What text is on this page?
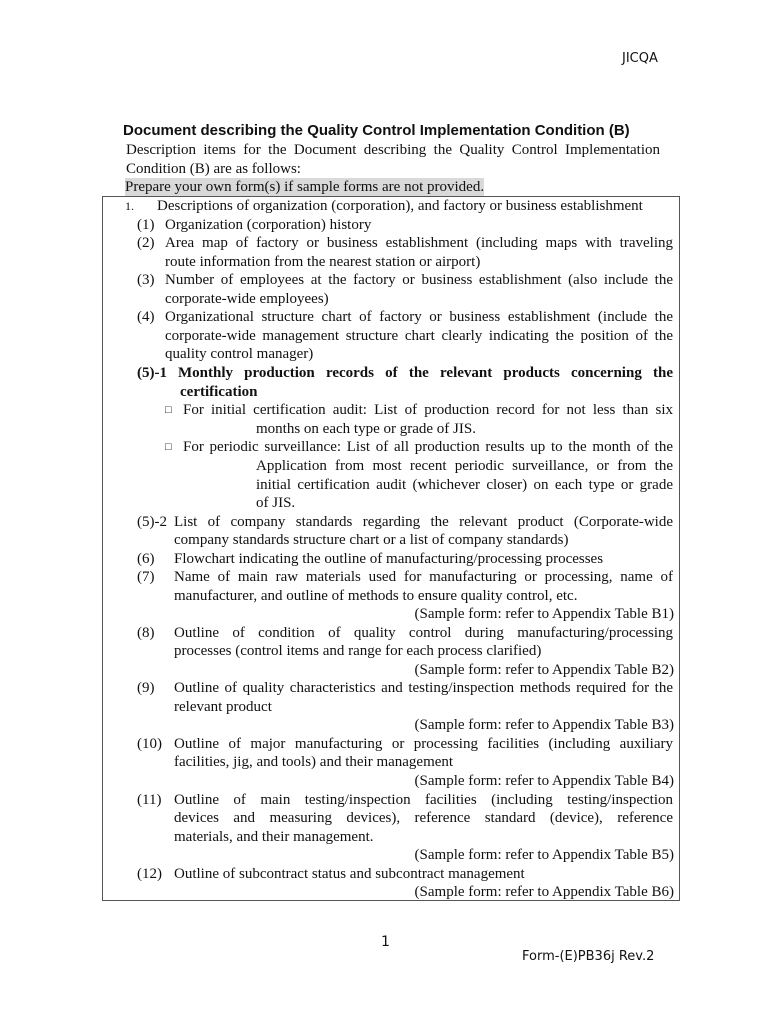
JICQA
Document describing the Quality Control Implementation Condition (B)
Description items for the Document describing the Quality Control Implementation Condition (B) are as follows:
Prepare your own form(s) if sample forms are not provided.
1. Descriptions of organization (corporation), and factory or business establishment
(1) Organization (corporation) history
(2) Area map of factory or business establishment (including maps with traveling
route information from the nearest station or airport)
(3) Number of employees at the factory or business establishment (also include the
corporate-wide employees)
(4) Organizational structure chart of factory or business establishment (include the
corporate-wide management structure chart clearly indicating the position of the
quality control manager)
(5)-1 Monthly production records of the relevant products concerning the
certification
□ For initial certification audit: List of production record for not less than six
months on each type or grade of JIS.
□ For periodic surveillance: List of all production results up to the month of the
Application from most recent periodic surveillance, or from the
initial certification audit (whichever closer) on each type or grade
of JIS.
(5)-2 List of company standards regarding the relevant product (Corporate-wide
company standards structure chart or a list of company standards)
(6) Flowchart indicating the outline of manufacturing/processing processes
(7) Name of main raw materials used for manufacturing or processing, name of
manufacturer, and outline of methods to ensure quality control, etc.
(Sample form: refer to Appendix Table B1)
(8) Outline of condition of quality control during manufacturing/processing
processes (control items and range for each process clarified)
(Sample form: refer to Appendix Table B2)
(9) Outline of quality characteristics and testing/inspection methods required for the
relevant product
(Sample form: refer to Appendix Table B3)
(10) Outline of major manufacturing or processing facilities (including auxiliary
facilities, jig, and tools) and their management
(Sample form: refer to Appendix Table B4)
(11) Outline of main testing/inspection facilities (including testing/inspection
devices and measuring devices), reference standard (device), reference
materials, and their management.
(Sample form: refer to Appendix Table B5)
(12) Outline of subcontract status and subcontract management
(Sample form: refer to Appendix Table B6)
1
Form-(E)PB36j Rev.2
